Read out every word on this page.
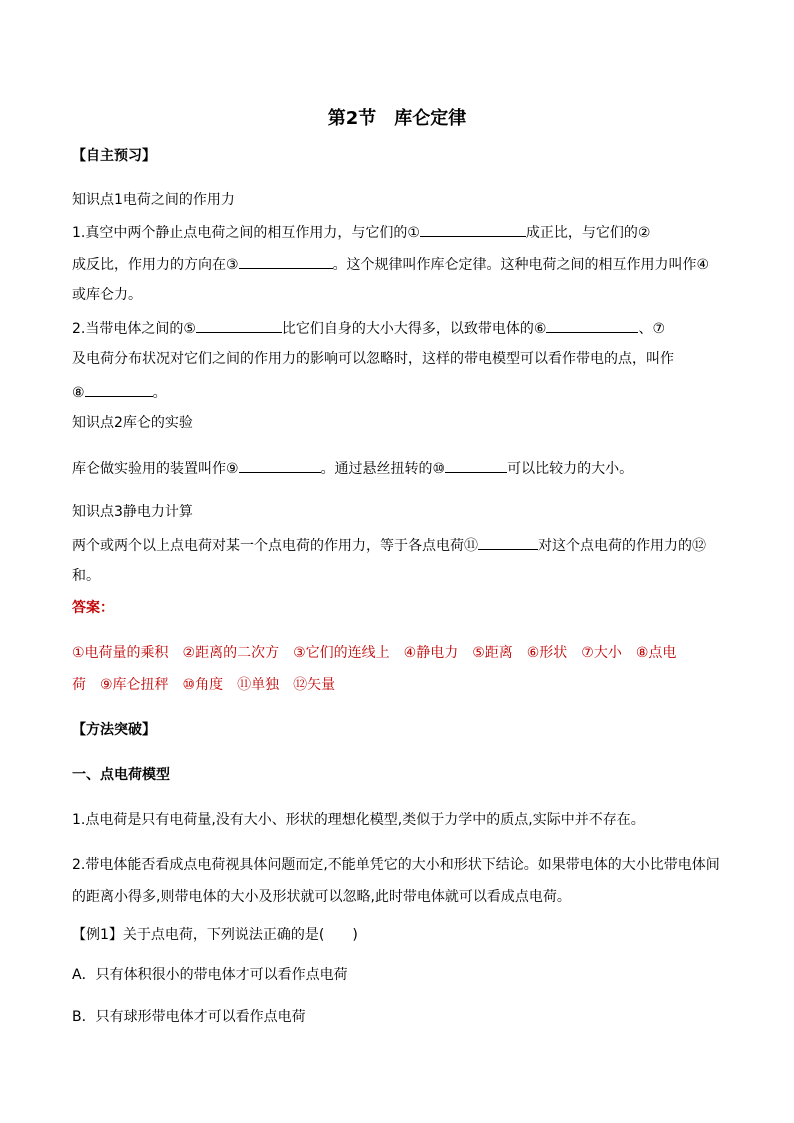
第2节　库仑定律
【自主预习】
知识点1电荷之间的作用力
1.真空中两个静止点电荷之间的相互作用力，与它们的①	成正比，与它们的②
成反比，作用力的方向在③	。这个规律叫作库仑定律。这种电荷之间的相互作用力叫作④
或库仑力。
2.当带电体之间的⑤	比它们自身的大小大得多，以致带电体的⑥	、⑦
及电荷分布状况对它们之间的作用力的影响可以忽略时，这样的带电模型可以看作带电的点，叫作
⑧	。
知识点2库仑的实验
库仑做实验用的装置叫作⑨	。通过悬丝扭转的⑩	可以比较力的大小。
知识点3静电力计算
两个或两个以上点电荷对某一个点电荷的作用力，等于各点电荷⑪	对这个点电荷的作用力的⑫
和。
答案：
①电荷量的乘积　②距离的二次方　③它们的连线上　④静电力　⑤距离　⑥形状　⑦大小　⑧点电
荷　⑨库仑扭秤　⑩角度　⑪单独　⑫矢量
【方法突破】
一、点电荷模型
1.点电荷是只有电荷量,没有大小、形状的理想化模型,类似于力学中的质点,实际中并不存在。
2.带电体能否看成点电荷视具体问题而定,不能单凭它的大小和形状下结论。如果带电体的大小比带电体间
的距离小得多,则带电体的大小及形状就可以忽略,此时带电体就可以看成点电荷。
【例1】关于点电荷，下列说法正确的是(　　)
A．只有体积很小的带电体才可以看作点电荷
B．只有球形带电体才可以看作点电荷
